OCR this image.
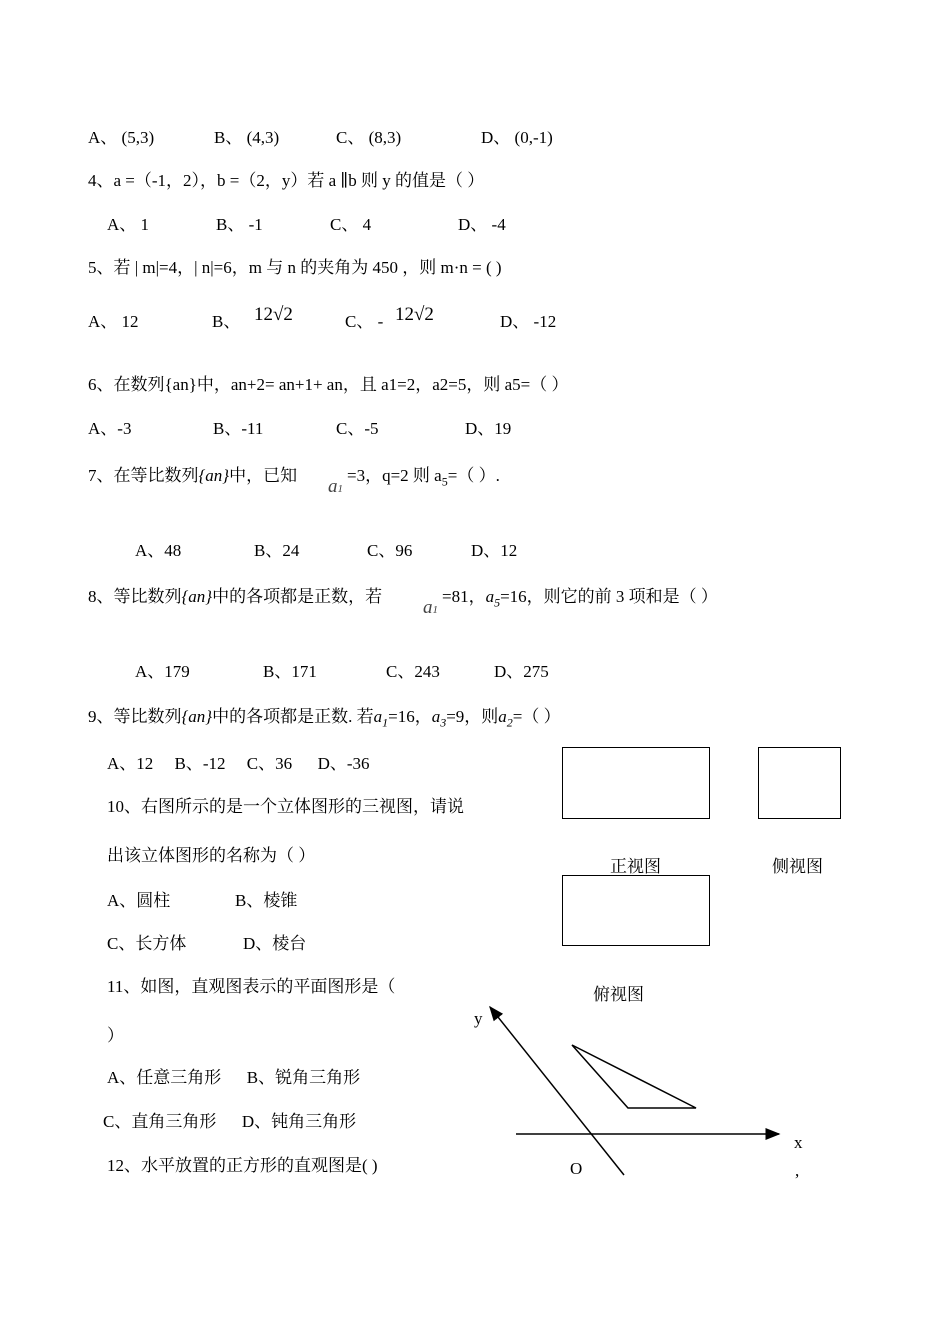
A、 (5,3)	B、 (4,3)	C、 (8,3)	D、 (0,-1)
4、a =（-1，2），b =（2，y）若 a ∥b 则 y 的值是（ ）
A、 1	B、 -1	C、 4	D、 -4
5、若 | m|=4，| n|=6，m 与 n 的夹角为 450 ，则 m·n = ( )
A、 12	B、 12√2	C、 - 12√2	D、 -12
6、在数列{an}中，an+2= an+1+ an，且 a1=2，a2=5，则 a5=（ ）
A、-3	B、-11	C、-5	D、19
7、在等比数列{an}中，已知
a1
=3，q=2 则 $a_5=$（ ）.
A、48	B、24	C、96	D、12
8、等比数列{an}中的各项都是正数，若
a1
=81，$a_5=16$，则它的前 3 项和是（ ）
A、179	B、171	C、243	D、275
9、等比数列{an}中的各项都是正数. 若$a_1=16$，$a_3=9$，则$a_2=$（ ）
A、12     B、-12     C、36      D、-36
10、右图所示的是一个立体图形的三视图，请说
出该立体图形的名称为（ ）
A、圆柱	B、棱锥
C、长方体	D、棱台
正视图	侧视图
俯视图
11、如图，直观图表示的平面图形是（
）
A、任意三角形      B、锐角三角形
C、直角三角形      D、钝角三角形
y
x
O	,
12、水平放置的正方形的直观图是( )
